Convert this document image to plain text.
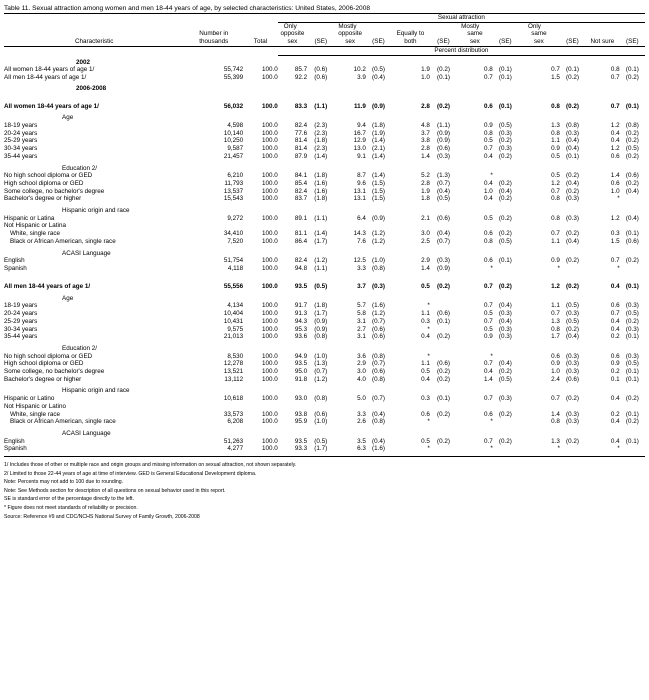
Table 11. Sexual attraction among women and men 18-44 years of age, by selected characteristics: United States, 2006-2008
			Sexual attraction											
			Only		Mostly				Mostly		Only			
	Number in		opposite		opposite		Equally to		same		same			
Characteristic	thousands	Total	sex	(SE)	sex	(SE)	both	(SE)	sex	(SE)	sex	(SE)	Not sure	(SE)
			Percent distribution											
2002														
All women 18-44 years of age 1/	55,742	100.0	85.7	(0.6)	10.2	(0.5)	1.9	(0.2)	0.8	(0.1)	0.7	(0.1)	0.8	(0.1)
All men 18-44 years of age 1/	55,399	100.0	92.2	(0.6)	3.9	(0.4)	1.0	(0.1)	0.7	(0.1)	1.5	(0.2)	0.7	(0.2)
2006-2008														
All women 18-44 years of age 1/	56,032	100.0	83.3	(1.1)	11.9	(0.9)	2.8	(0.2)	0.6	(0.1)	0.8	(0.2)	0.7	(0.1)
Age														
18-19 years	4,598	100.0	82.4	(2.3)	9.4	(1.8)	4.8	(1.1)	0.9	(0.5)	1.3	(0.8)	1.2	(0.8)
20-24 years	10,140	100.0	77.6	(2.3)	16.7	(1.9)	3.7	(0.9)	0.8	(0.3)	0.8	(0.3)	0.4	(0.2)
25-29 years	10,250	100.0	81.4	(1.8)	12.9	(1.4)	3.8	(0.9)	0.5	(0.2)	1.1	(0.4)	0.4	(0.2)
30-34 years	9,587	100.0	81.4	(2.3)	13.0	(2.1)	2.8	(0.6)	0.7	(0.3)	0.9	(0.4)	1.2	(0.5)
35-44 years	21,457	100.0	87.9	(1.4)	9.1	(1.4)	1.4	(0.3)	0.4	(0.2)	0.5	(0.1)	0.6	(0.2)
Education 2/														
No high school diploma or GED	6,210	100.0	84.1	(1.8)	8.7	(1.4)	5.2	(1.3)	*		0.5	(0.2)	1.4	(0.6)
High school diploma or GED	11,793	100.0	85.4	(1.6)	9.6	(1.5)	2.8	(0.7)	0.4	(0.2)	1.2	(0.4)	0.6	(0.2)
Some college, no bachelor's degree	13,537	100.0	82.4	(1.6)	13.1	(1.5)	1.9	(0.4)	1.0	(0.4)	0.7	(0.2)	1.0	(0.4)
Bachelor's degree or higher	15,543	100.0	83.7	(1.8)	13.1	(1.5)	1.8	(0.5)	0.4	(0.2)	0.8	(0.3)	*	
Hispanic origin and race														
Hispanic or Latina	9,272	100.0	89.1	(1.1)	6.4	(0.9)	2.1	(0.6)	0.5	(0.2)	0.8	(0.3)	1.2	(0.4)
Not Hispanic or Latina														
White, single race	34,410	100.0	81.1	(1.4)	14.3	(1.2)	3.0	(0.4)	0.6	(0.2)	0.7	(0.2)	0.3	(0.1)
Black or African American, single race	7,520	100.0	86.4	(1.7)	7.6	(1.2)	2.5	(0.7)	0.8	(0.5)	1.1	(0.4)	1.5	(0.6)
ACASI Language														
English	51,754	100.0	82.4	(1.2)	12.5	(1.0)	2.9	(0.3)	0.6	(0.1)	0.9	(0.2)	0.7	(0.2)
Spanish	4,118	100.0	94.8	(1.1)	3.3	(0.8)	1.4	(0.9)	*		*		*	
All men 18-44 years of age 1/	55,556	100.0	93.5	(0.5)	3.7	(0.3)	0.5	(0.2)	0.7	(0.2)	1.2	(0.2)	0.4	(0.1)
Age														
18-19 years	4,134	100.0	91.7	(1.8)	5.7	(1.6)	*		0.7	(0.4)	1.1	(0.5)	0.6	(0.3)
20-24 years	10,404	100.0	91.3	(1.7)	5.8	(1.2)	1.1	(0.6)	0.5	(0.3)	0.7	(0.3)	0.7	(0.5)
25-29 years	10,431	100.0	94.3	(0.9)	3.1	(0.7)	0.3	(0.1)	0.7	(0.4)	1.3	(0.5)	0.4	(0.2)
30-34 years	9,575	100.0	95.3	(0.9)	2.7	(0.6)	*		0.5	(0.3)	0.8	(0.2)	0.4	(0.3)
35-44 years	21,013	100.0	93.6	(0.8)	3.1	(0.6)	0.4	(0.2)	0.9	(0.3)	1.7	(0.4)	0.2	(0.1)
Education 2/														
No high school diploma or GED	8,530	100.0	94.9	(1.0)	3.6	(0.8)	*		*		0.6	(0.3)	0.6	(0.3)
High school diploma or GED	12,278	100.0	93.5	(1.3)	2.9	(0.7)	1.1	(0.6)	0.7	(0.4)	0.9	(0.3)	0.9	(0.5)
Some college, no bachelor's degree	13,521	100.0	95.0	(0.7)	3.0	(0.6)	0.5	(0.2)	0.4	(0.2)	1.0	(0.3)	0.2	(0.1)
Bachelor's degree or higher	13,112	100.0	91.8	(1.2)	4.0	(0.8)	0.4	(0.2)	1.4	(0.5)	2.4	(0.6)	0.1	(0.1)
Hispanic origin and race														
Hispanic or Latino	10,618	100.0	93.0	(0.8)	5.0	(0.7)	0.3	(0.1)	0.7	(0.3)	0.7	(0.2)	0.4	(0.2)
Not Hispanic or Latino														
White, single race	33,573	100.0	93.8	(0.6)	3.3	(0.4)	0.6	(0.2)	0.6	(0.2)	1.4	(0.3)	0.2	(0.1)
Black or African American, single race	6,208	100.0	95.9	(1.0)	2.6	(0.8)	*		*		0.8	(0.3)	0.4	(0.2)
ACASI Language														
English	51,263	100.0	93.5	(0.5)	3.5	(0.4)	0.5	(0.2)	0.7	(0.2)	1.3	(0.2)	0.4	(0.1)
Spanish	4,277	100.0	93.3	(1.7)	6.3	(1.6)	*		*		*		*	
1/ Includes those of other or multiple race and origin groups and missing information on sexual attraction, not shown separately.
2/ Limited to those 22-44 years of age at time of interview. GED is General Educational Development diploma.
Note: Percents may not add to 100 due to rounding.
Note: See Methods section for description of all questions on sexual behavior used in this report.
SE is standard error of the percentage directly to the left.
* Figure does not meet standards of reliability or precision.
Source: Reference #9 and CDC/NCHS National Survey of Family Growth, 2006-2008
